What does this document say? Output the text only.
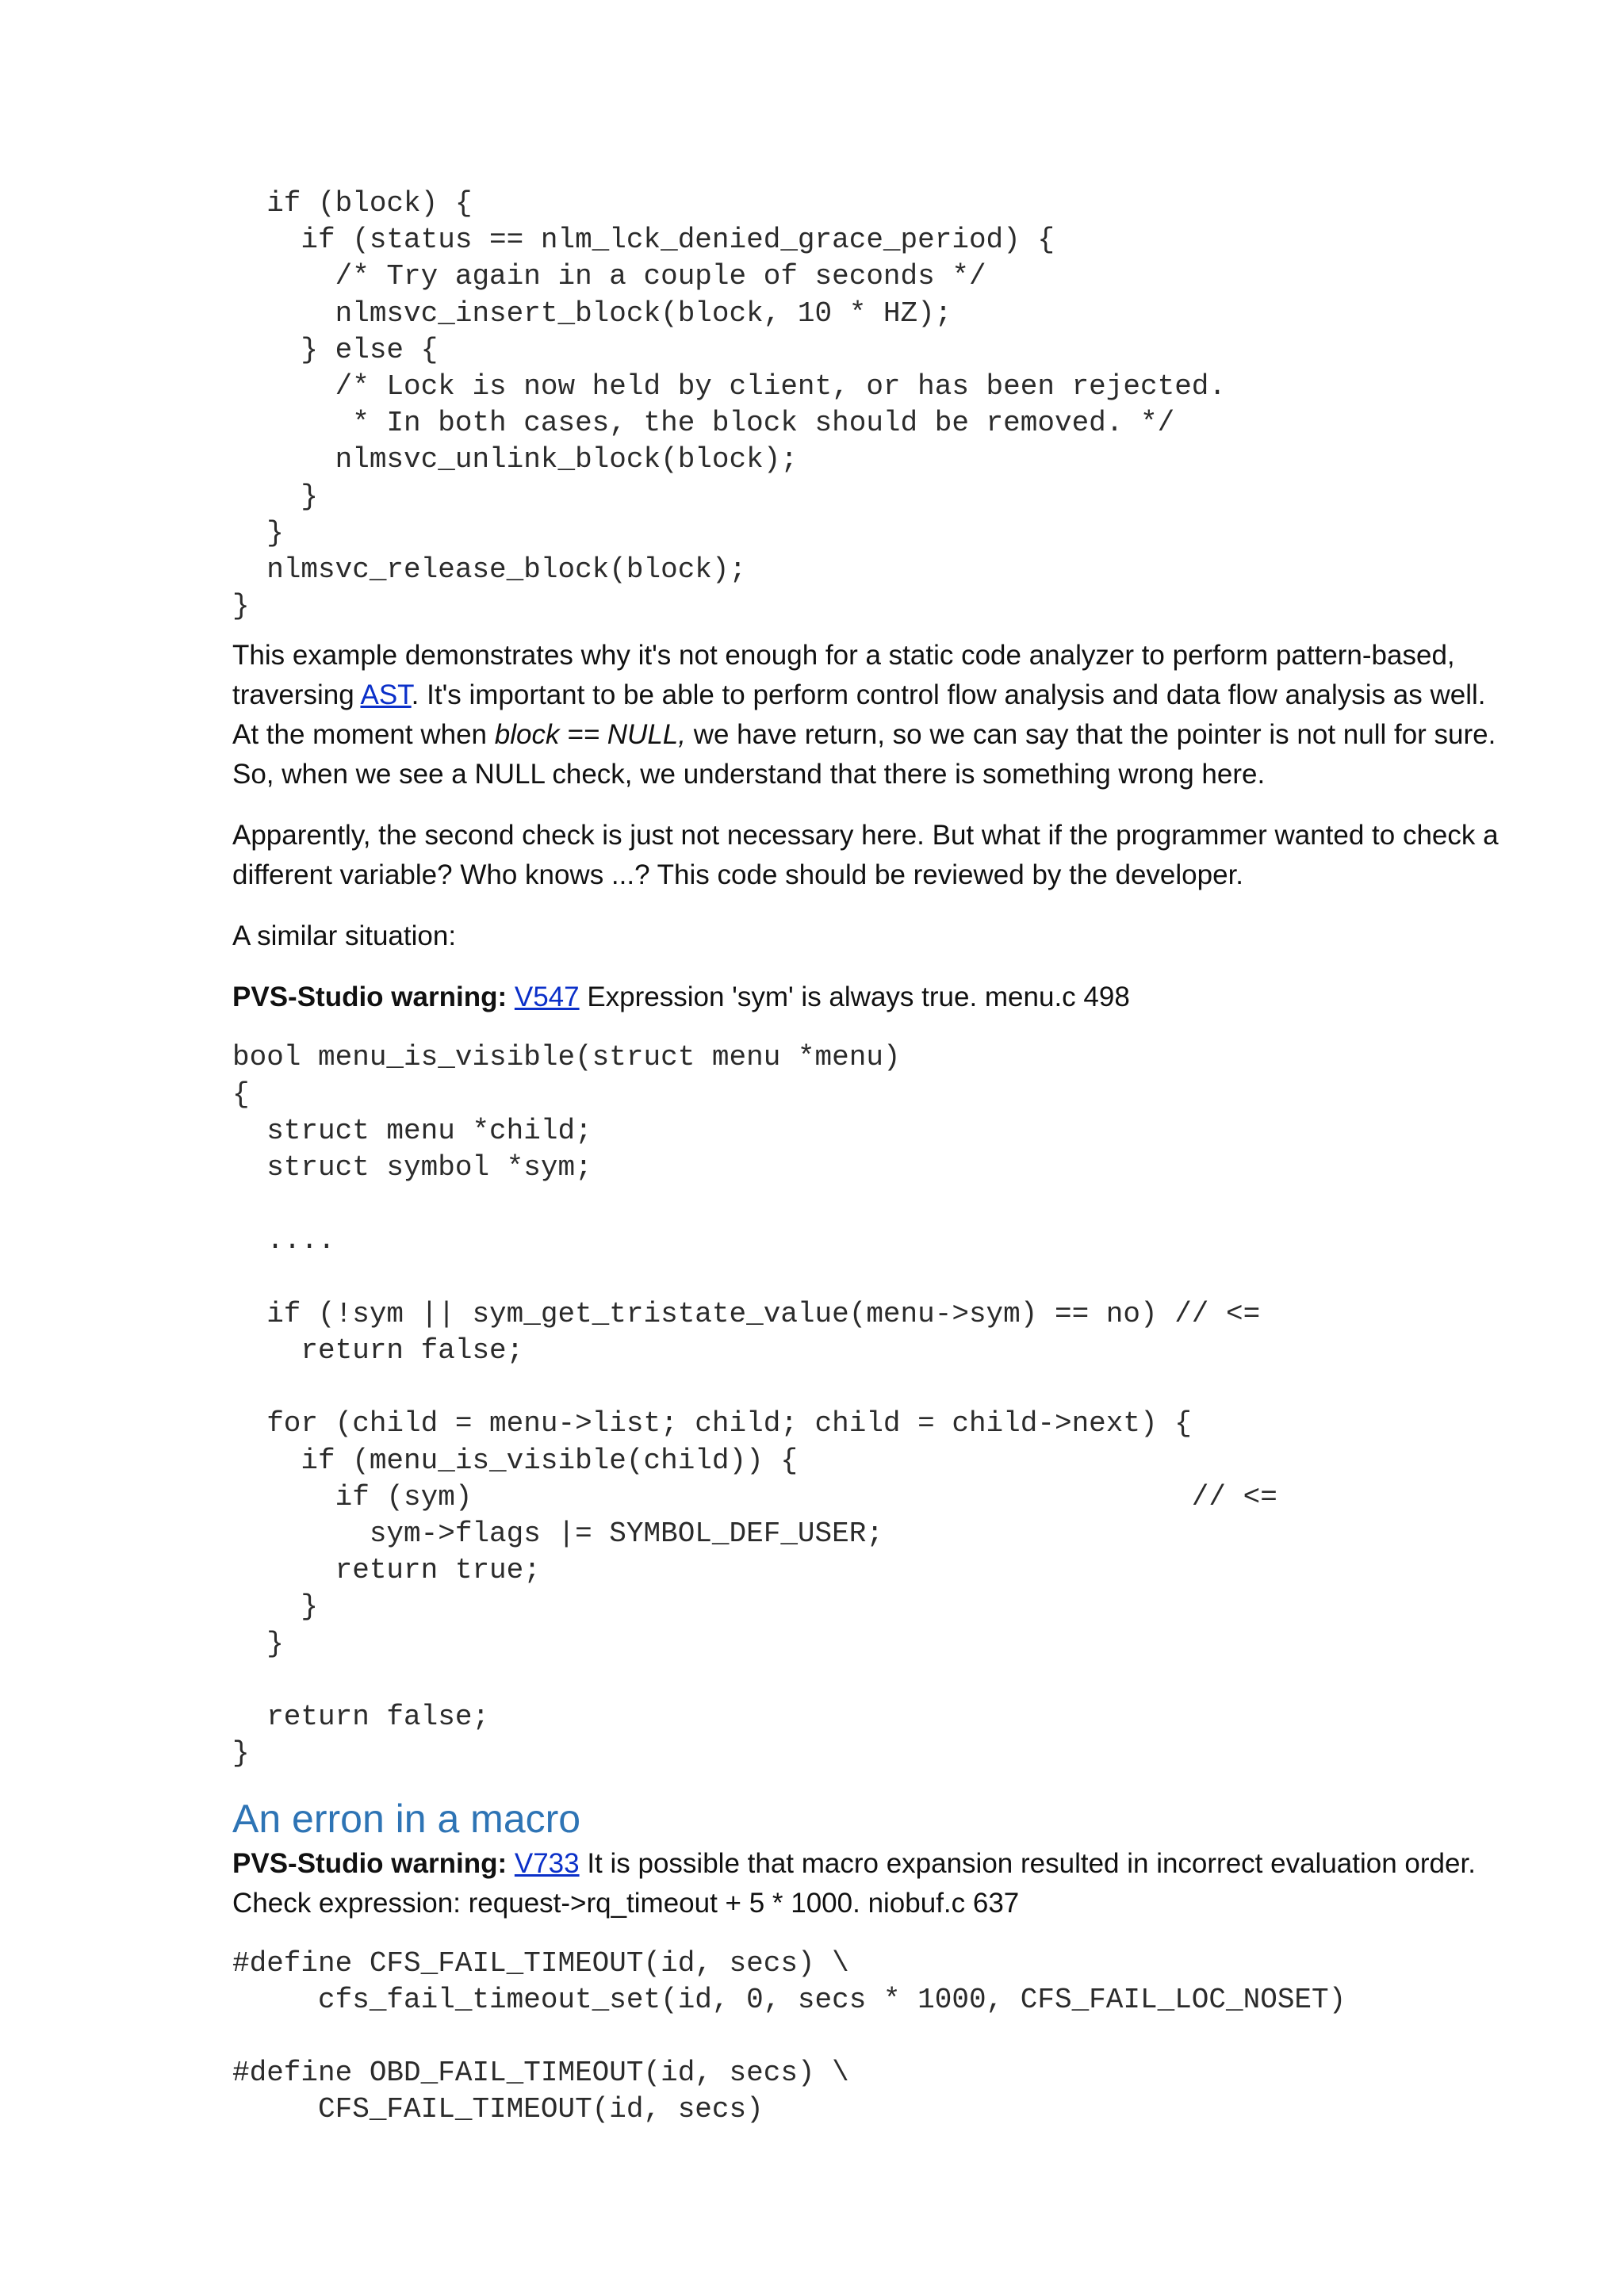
if (block) {
if (status == nlm_lck_denied_grace_period) {
/* Try again in a couple of seconds */
nlmsvc_insert_block(block, 10 * HZ);
} else {
/* Lock is now held by client, or has been rejected.
* In both cases, the block should be removed. */
nlmsvc_unlink_block(block);
}
}
nlmsvc_release_block(block);
}

This example demonstrates why it's not enough for a static code analyzer to perform pattern-based,

traversing AST. It's important to be able to perform control flow analysis and data flow analysis as well.

At the moment when block == NULL, we have return, so we can say that the pointer is not null for sure.

So, when we see a NULL check, we understand that there is something wrong here.

Apparently, the second check is just not necessary here. But what if the programmer wanted to check a

different variable? Who knows ...? This code should be reviewed by the developer.

A similar situation:

PVS-Studio warning: V547 Expression 'sym' is always true. menu.c 498

bool menu_is_visible(struct menu *menu)
{
struct menu *child;
struct symbol *sym;

....

if (!sym || sym_get_tristate_value(menu->sym) == no) // <=
return false;

for (child = menu->list; child; child = child->next) {
if (menu_is_visible(child)) {
if (sym)                                          // <=
sym->flags |= SYMBOL_DEF_USER;
return true;
}
}

return false;
}
An erron in a macro

PVS-Studio warning: V733 It is possible that macro expansion resulted in incorrect evaluation order.

Check expression: request->rq_timeout + 5 * 1000. niobuf.c 637

#define CFS_FAIL_TIMEOUT(id, secs) \
cfs_fail_timeout_set(id, 0, secs * 1000, CFS_FAIL_LOC_NOSET)

#define OBD_FAIL_TIMEOUT(id, secs) \
CFS_FAIL_TIMEOUT(id, secs)
